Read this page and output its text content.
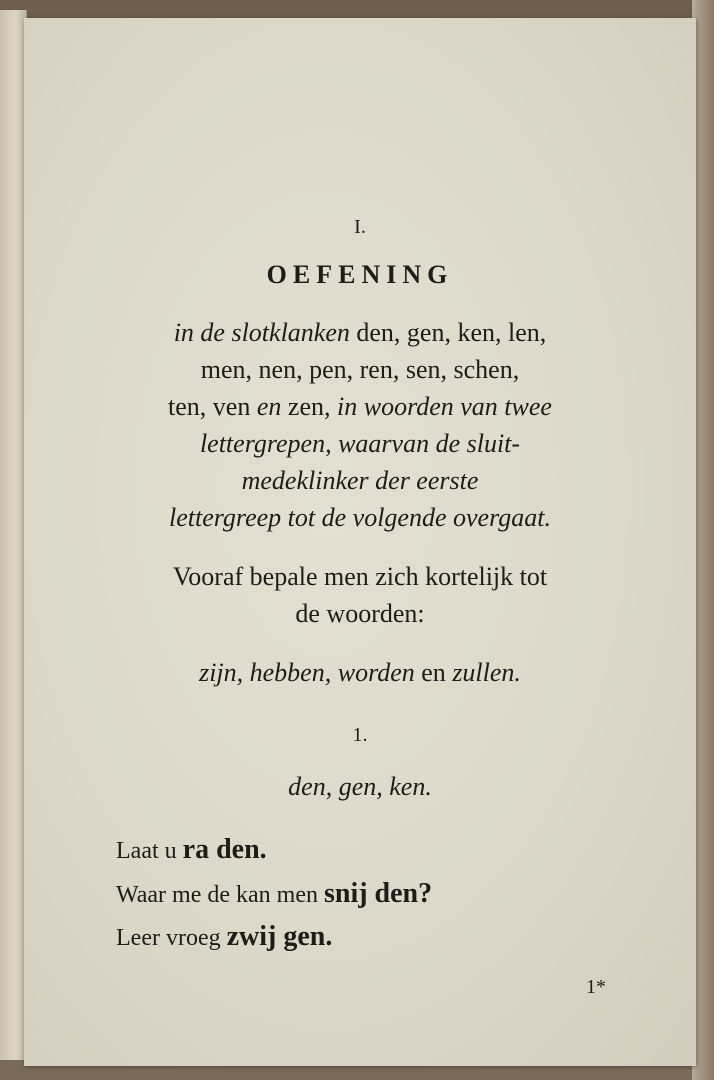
I.
OEFENING
in de slotklanken den, gen, ken, len,
men, nen, pen, ren, sen, schen,
ten, ven en zen, in woorden van twee
lettergrepen, waarvan de sluit-
medeklinker der eerste
lettergreep tot de volgende overgaat.
Vooraf bepale men zich kortelijk tot
de woorden:
zijn, hebben, worden en zullen.
1.
den, gen, ken.
Laat u ra den.
Waar me de kan men snij den?
Leer vroeg zwij gen.
1*
